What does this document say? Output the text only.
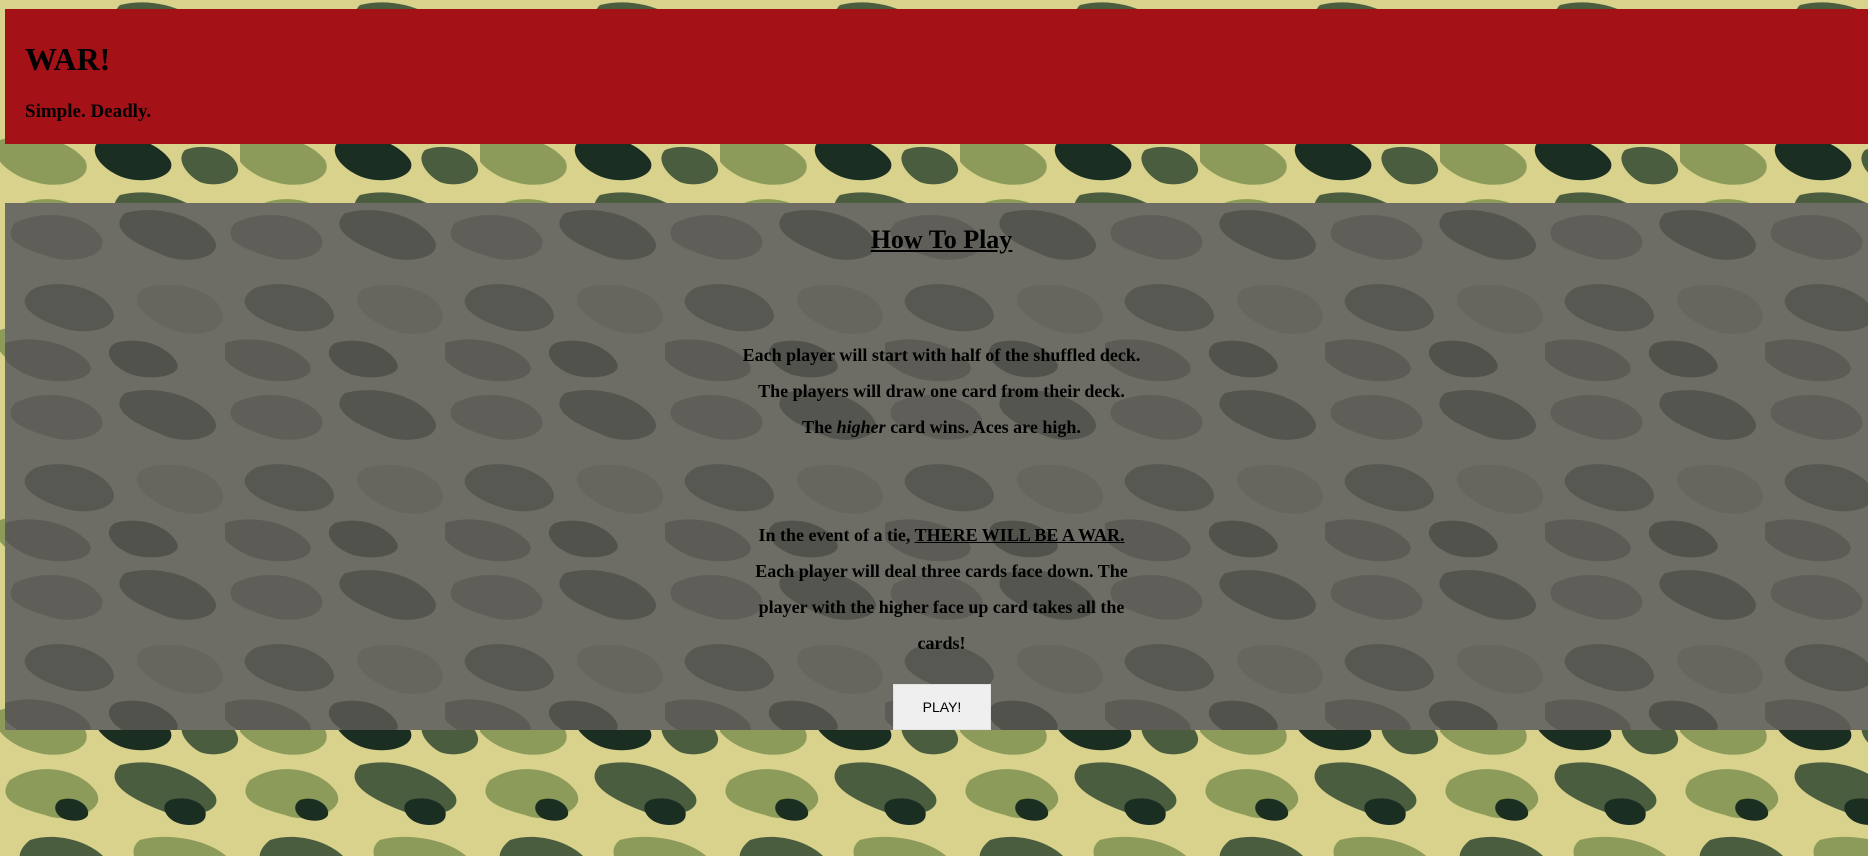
WAR!
Simple. Deadly.
How To Play
Each player will start with half of the shuffled deck.
The players will draw one card from their deck.
The higher card wins. Aces are high.
In the event of a tie, THERE WILL BE A WAR. Each player will deal three cards face down. The player with the higher face up card takes all the cards!
PLAY!
